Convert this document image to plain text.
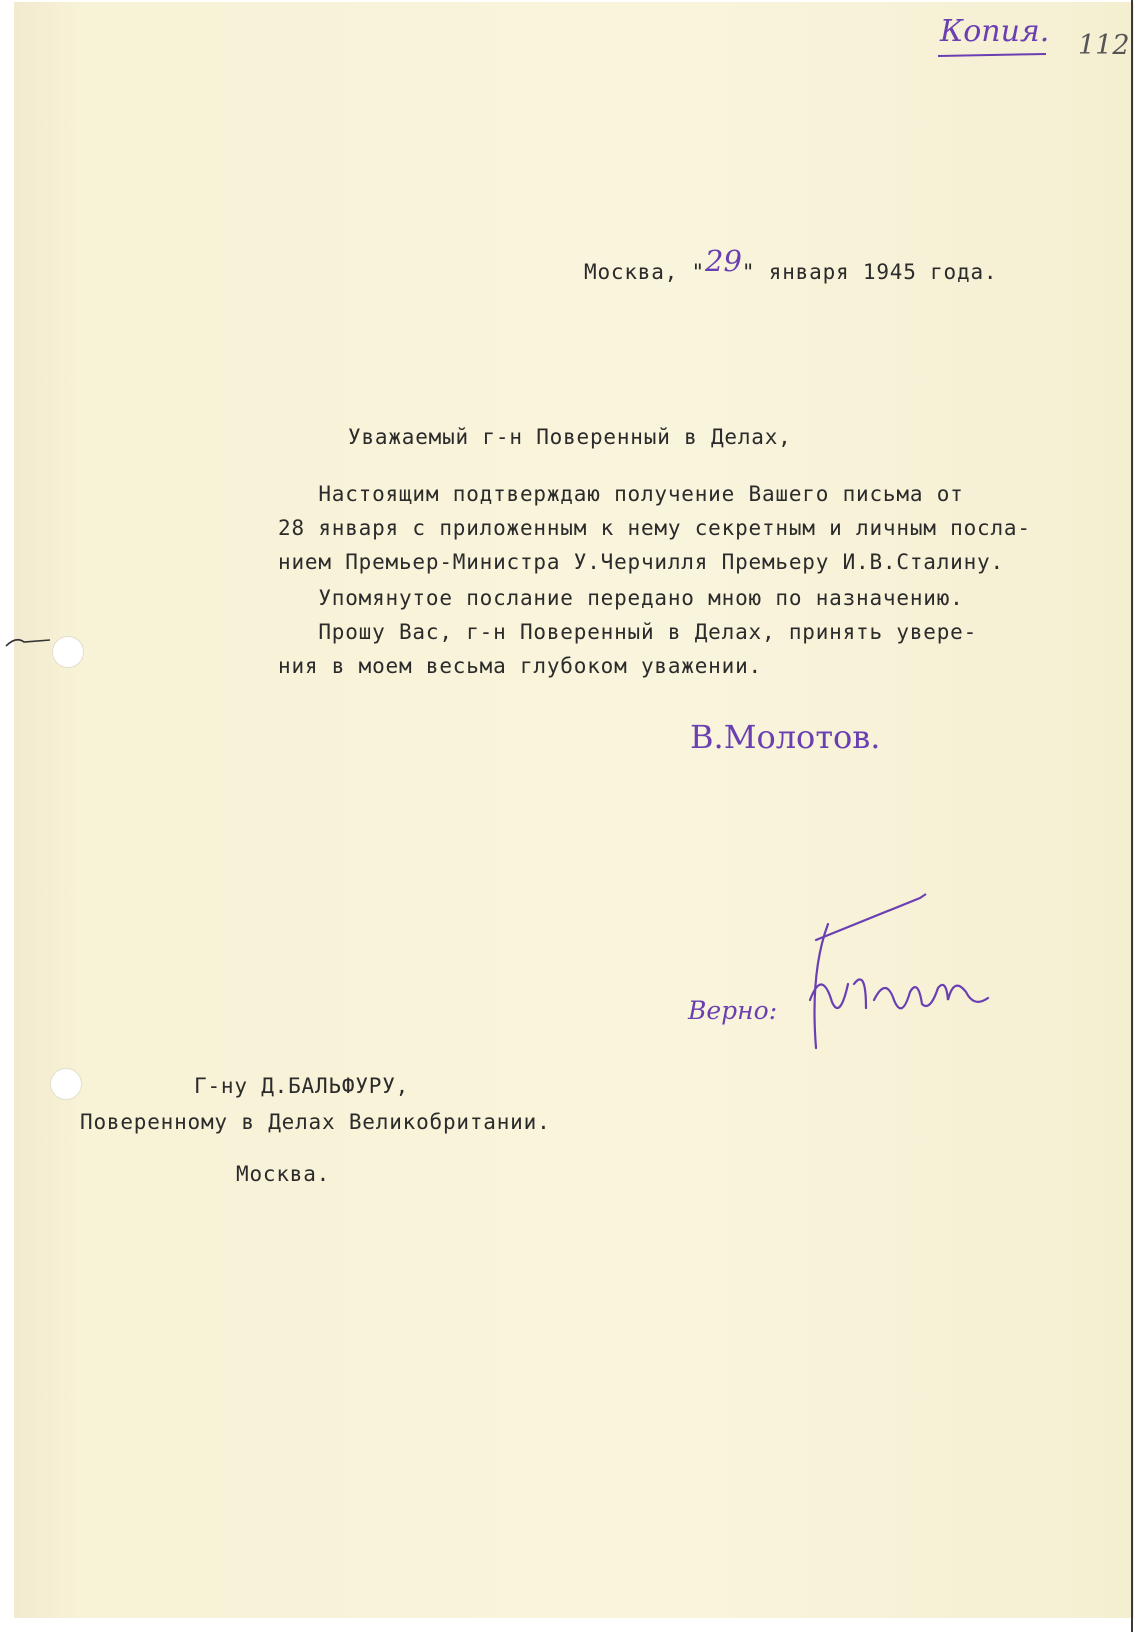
Копия. 112
Москва, "29" января 1945 года.
Уважаемый г-н Поверенный в Делах,
Настоящим подтверждаю получение Вашего письма от
28 января с приложенным к нему секретным и личным посла-
нием Премьер-Министра У.Черчилля Премьеру И.В.Сталину.
Упомянутое послание передано мною по назначению.
Прошу Вас, г-н Поверенный в Делах, принять увере-
ния в моем весьма глубоком уважении.
В.Молотов.
Верно:
Г-ну Д.БАЛЬФУРУ,
Поверенному в Делах Великобритании.
Москва.
